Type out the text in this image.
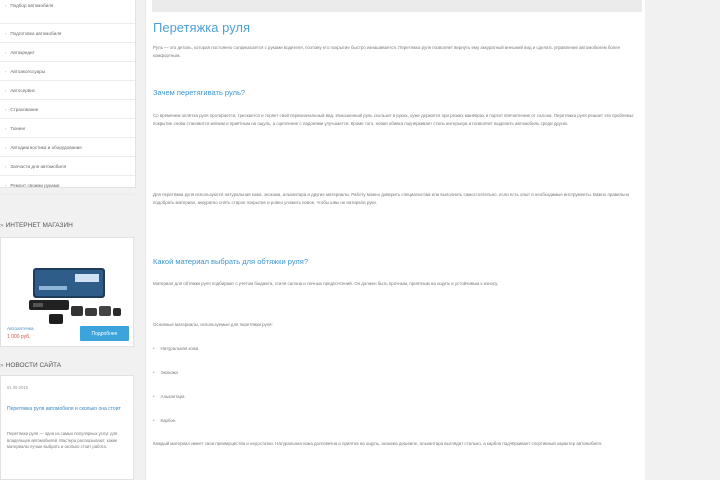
› Подбор автомобиля
› Подготовка автомобиля
› Автокредит
› Автоаксессуары
› Автосервис
› Страхование
› Тюнинг
› Автодиагностика и оборудование
› Запчасти для автомобиля
› Ремонт своими руками
» ИНТЕРНЕТ МАГАЗИН
Автоаптечка
1 000 руб.
Подробнее
» НОВОСТИ САЙТА
01.09.2015
Перетяжка руля автомобиля и сколько она стоит
Перетяжка руля — одна из самых популярных услуг для владельцев автомобилей. Мастера рассказывают, какие материалы лучше выбрать и сколько стоит работа.
Перетяжка руля
Руль — это деталь, которая постоянно соприкасается с руками водителя, поэтому его покрытие быстро изнашивается. Перетяжка руля позволяет вернуть ему аккуратный внешний вид и сделать управление автомобилем более комфортным.
Зачем перетягивать руль?
Со временем оплётка руля протирается, трескается и теряет свой первоначальный вид. Изношенный руль скользит в руках, хуже держится при резких манёврах и портит впечатление от салона. Перетяжка руля решает эти проблемы: покрытие снова становится мягким и приятным на ощупь, а сцепление с ладонями улучшается. Кроме того, новая обивка подчёркивает стиль интерьера и позволяет выделить автомобиль среди других.
Для перетяжки руля используются натуральная кожа, экокожа, алькантара и другие материалы. Работу можно доверить специалистам или выполнить самостоятельно, если есть опыт и необходимые инструменты. Важно правильно подобрать материал, аккуратно снять старое покрытие и ровно уложить новое, чтобы швы не натирали руки.
Какой материал выбрать для обтяжки руля?
Материал для обтяжки руля подбирают с учётом бюджета, стиля салона и личных предпочтений. Он должен быть прочным, приятным на ощупь и устойчивым к износу.
Основные материалы, используемые для перетяжки руля:
• Натуральная кожа
• Экокожа
• Алькантара
• Карбон
Каждый материал имеет свои преимущества и недостатки. Натуральная кожа долговечна и приятна на ощупь, экокожа дешевле, алькантара выглядит стильно, а карбон подчёркивает спортивный характер автомобиля.
